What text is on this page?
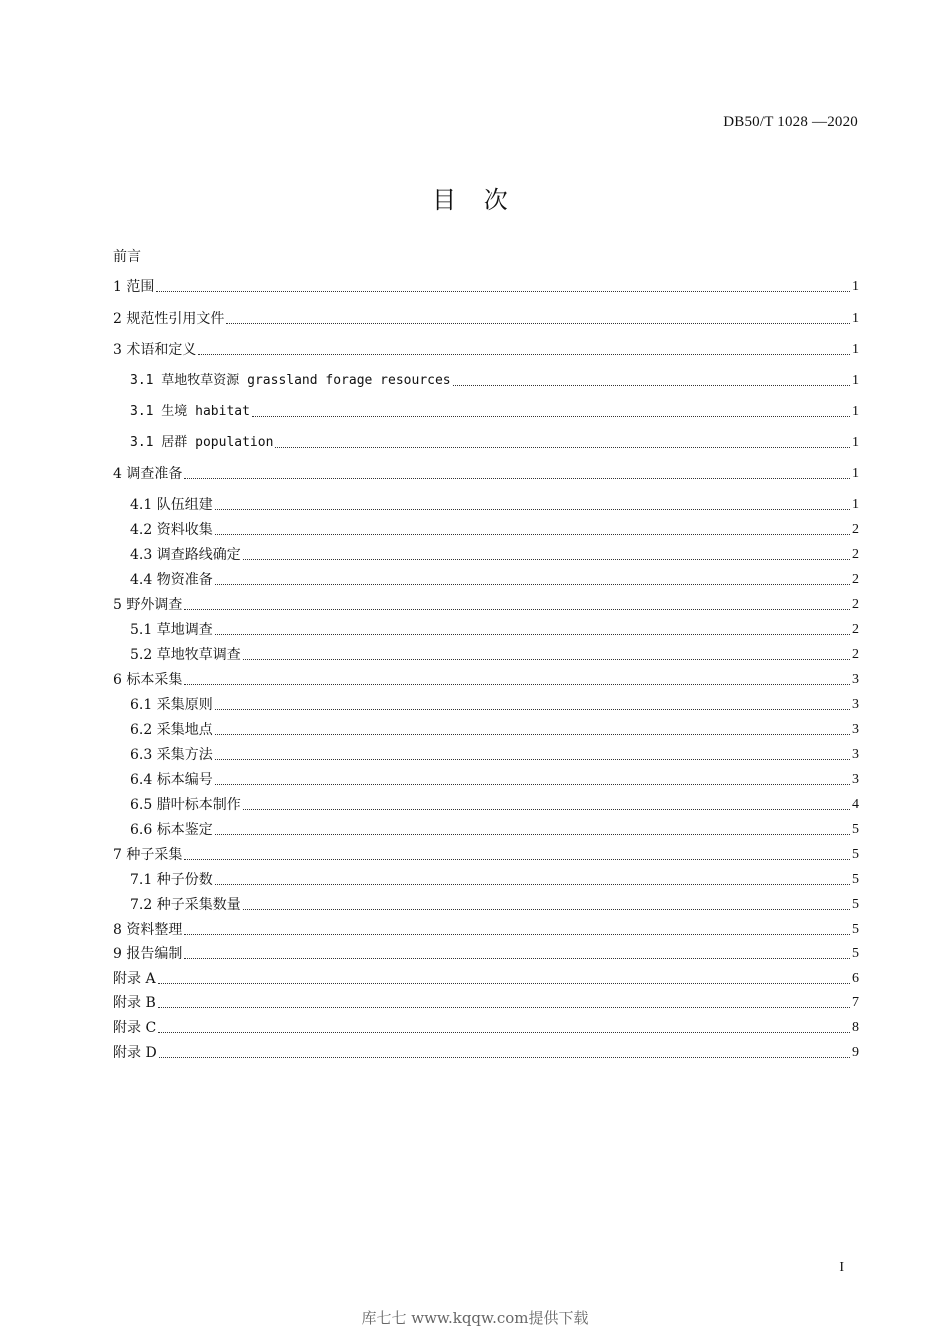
DB50/T 1028 —2020
目 次
前言
1 范围	1
2 规范性引用文件	1
3 术语和定义	1
3.1 草地牧草资源 grassland forage resources	1
3.1 生境 habitat	1
3.1 居群 population	1
4 调查准备	1
4.1 队伍组建	1
4.2 资料收集	2
4.3 调查路线确定	2
4.4 物资准备	2
5 野外调查	2
5.1 草地调查	2
5.2 草地牧草调查	2
6 标本采集	3
6.1 采集原则	3
6.2 采集地点	3
6.3 采集方法	3
6.4 标本编号	3
6.5 腊叶标本制作	4
6.6 标本鉴定	5
7 种子采集	5
7.1 种子份数	5
7.2 种子采集数量	5
8 资料整理	5
9 报告编制	5
附录 A	6
附录 B	7
附录 C	8
附录 D	9
I
库七七 www.kqqw.com提供下载
